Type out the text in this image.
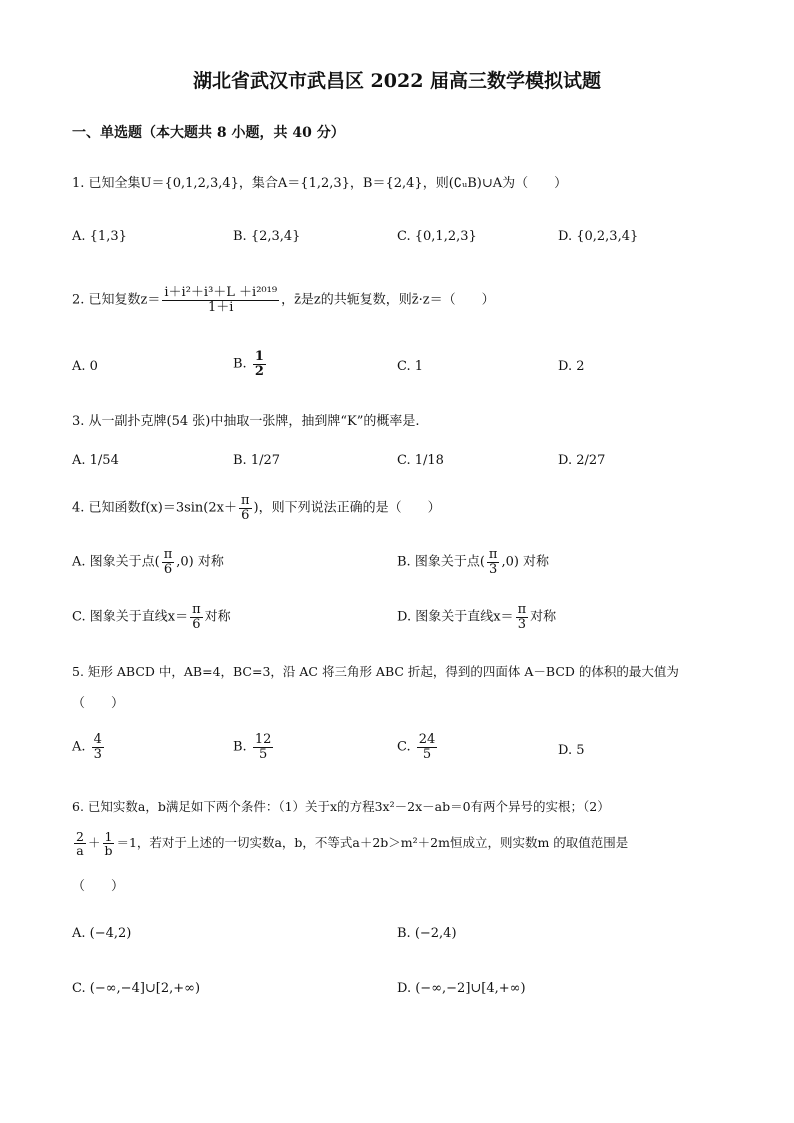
湖北省武汉市武昌区 2022 届高三数学模拟试题
一、单选题（本大题共 8 小题，共 40 分）
1. 已知全集U＝{0,1,2,3,4}，集合A＝{1,2,3}，B＝{2,4}，则(∁ᵤB)∪A为（　　）
A. {1,3}	B. {2,3,4}	C. {0,1,2,3}	D. {0,2,3,4}
2. 已知复数$z= \frac{\text{i＋i²＋i³＋L ＋i²⁰¹⁹}}{1+i}$ ，z̄是z的共轭复数，则z̄·z＝（　　）
A. 0	B. $\frac{1}{2}$	C. 1	D. 2
3. 从一副扑克牌(54 张)中抽取一张牌，抽到牌“K”的概率是.
A. 1/54	B. 1/27	C. 1/18	D. 2/27
4. 已知函数$f(x)=3\sin(2x+ \frac{\pi}{6}$ )，则下列说法正确的是（　　）
A. 图象关于点( $\frac{\pi}{6} ,0$) 对称	B. 图象关于点( $\frac{\pi}{3} ,0$) 对称
C. 图象关于直线$x= \frac{\pi}{6}$ 对称	D. 图象关于直线$x= \frac{\pi}{3}$ 对称
5. 矩形 ABCD 中，AB=4，BC=3，沿 AC 将三角形 ABC 折起，得到的四面体 A－BCD 的体积的最大值为
（　　）
A. $\frac{4}{3}$	B. $\frac{12}{5}$	C. $\frac{24}{5}$	D. 5
6. 已知实数a，b满足如下两个条件：（1）关于x的方程3x²－2x－ab＝0有两个异号的实根；（2）
$\frac{2}{a} + \frac{1}{b} =1$，若对于上述的一切实数a，b，不等式a＋2b＞m²＋2m恒成立，则实数m 的取值范围是
（　　）
A. (−4,2)	B. (−2,4)
C. (−∞,−4]∪[2,+∞)	D. (−∞,−2]∪[4,+∞)
